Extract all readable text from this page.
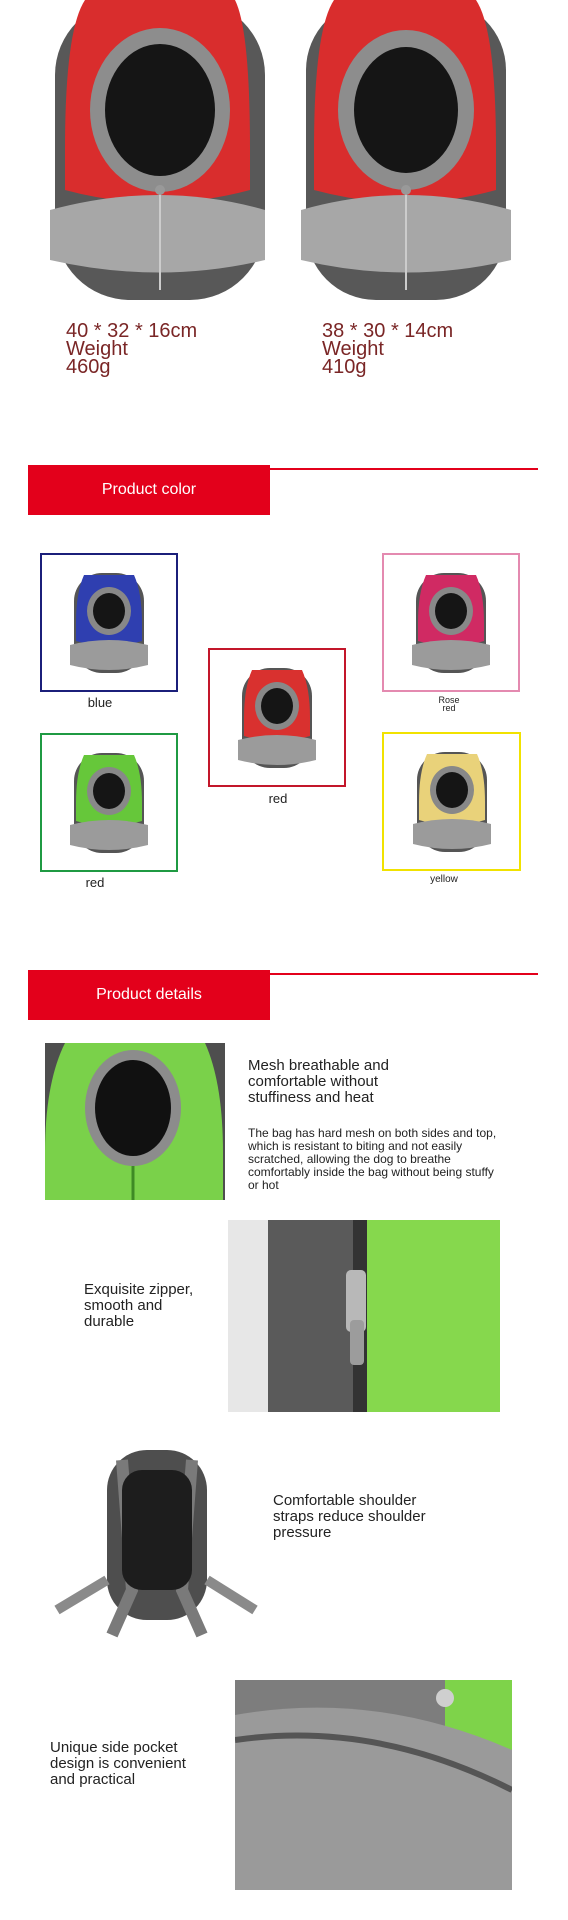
40 * 32 * 16cm
Weight
460g
38 * 30 * 14cm
Weight
410g
Product color
blue
red
Rose
red
red	yellow
Product details
Mesh breathable and comfortable without stuffiness and heat
The bag has hard mesh on both sides and top, which is resistant to biting and not easily scratched, allowing the dog to breathe comfortably inside the bag without being stuffy or hot
Exquisite zipper, smooth and durable
Comfortable shoulder straps reduce shoulder pressure
Unique side pocket design is convenient and practical
